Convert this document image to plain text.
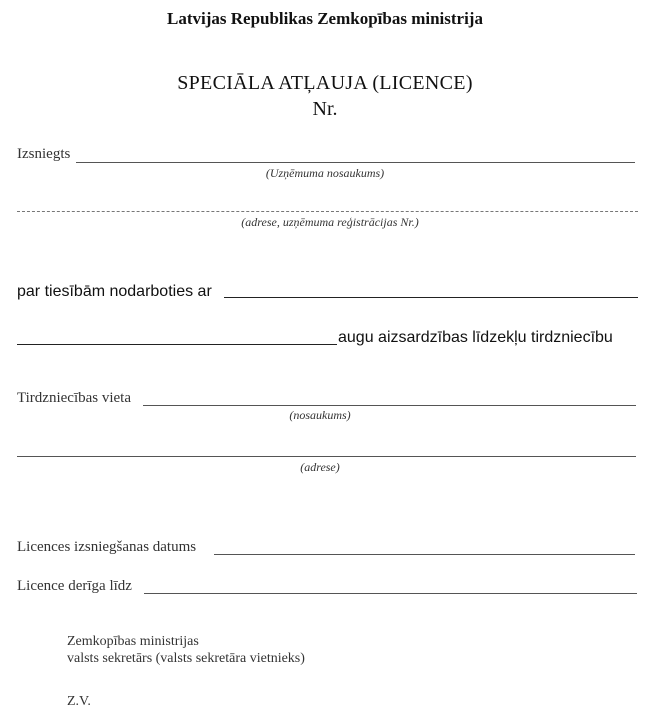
Latvijas Republikas Zemkopības ministrija
SPECIĀLA ATĻAUJA (LICENCE)
Nr.
Izsniegts
(Uzņēmuma nosaukums)
(adrese, uzņēmuma reģistrācijas Nr.)
par tiesībām nodarboties ar
augu aizsardzības līdzekļu tirdzniecību
Tirdzniecības vieta
(nosaukums)
(adrese)
Licences izsniegšanas datums
Licence derīga līdz
Zemkopības ministrijas
valsts sekretārs (valsts sekretāra vietnieks)
Z.V.
